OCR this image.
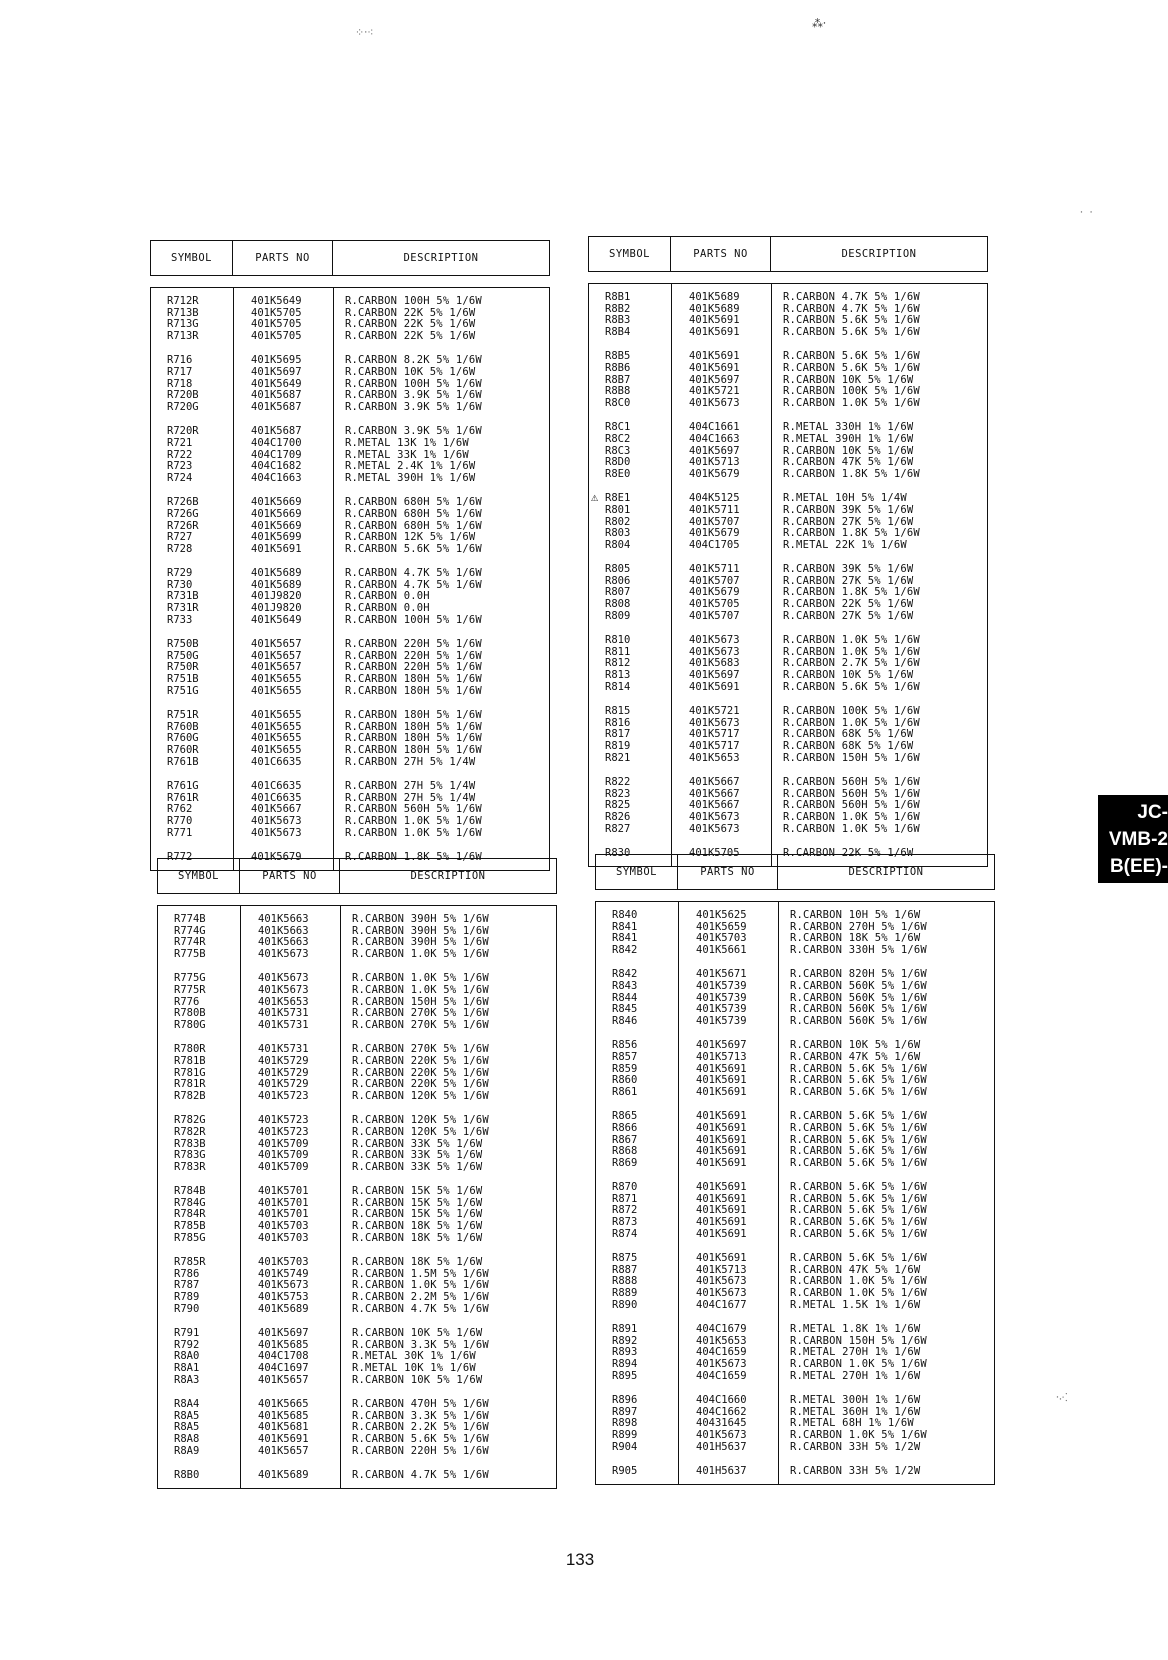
SYMBOL	PARTS NO	DESCRIPTION
R712R	401K5649	R.CARBON 100H 5% 1/6W
R713B	401K5705	R.CARBON 22K 5% 1/6W
R713G	401K5705	R.CARBON 22K 5% 1/6W
R713R	401K5705	R.CARBON 22K 5% 1/6W
R716	401K5695	R.CARBON 8.2K 5% 1/6W
R717	401K5697	R.CARBON 10K 5% 1/6W
R718	401K5649	R.CARBON 100H 5% 1/6W
R720B	401K5687	R.CARBON 3.9K 5% 1/6W
R720G	401K5687	R.CARBON 3.9K 5% 1/6W
R720R	401K5687	R.CARBON 3.9K 5% 1/6W
R721	404C1700	R.METAL 13K 1% 1/6W
R722	404C1709	R.METAL 33K 1% 1/6W
R723	404C1682	R.METAL 2.4K 1% 1/6W
R724	404C1663	R.METAL 390H 1% 1/6W
R726B	401K5669	R.CARBON 680H 5% 1/6W
R726G	401K5669	R.CARBON 680H 5% 1/6W
R726R	401K5669	R.CARBON 680H 5% 1/6W
R727	401K5699	R.CARBON 12K 5% 1/6W
R728	401K5691	R.CARBON 5.6K 5% 1/6W
R729	401K5689	R.CARBON 4.7K 5% 1/6W
R730	401K5689	R.CARBON 4.7K 5% 1/6W
R731B	401J9820	R.CARBON 0.0H
R731R	401J9820	R.CARBON 0.0H
R733	401K5649	R.CARBON 100H 5% 1/6W
R750B	401K5657	R.CARBON 220H 5% 1/6W
R750G	401K5657	R.CARBON 220H 5% 1/6W
R750R	401K5657	R.CARBON 220H 5% 1/6W
R751B	401K5655	R.CARBON 180H 5% 1/6W
R751G	401K5655	R.CARBON 180H 5% 1/6W
R751R	401K5655	R.CARBON 180H 5% 1/6W
R760B	401K5655	R.CARBON 180H 5% 1/6W
R760G	401K5655	R.CARBON 180H 5% 1/6W
R760R	401K5655	R.CARBON 180H 5% 1/6W
R761B	401C6635	R.CARBON 27H 5% 1/4W
R761G	401C6635	R.CARBON 27H 5% 1/4W
R761R	401C6635	R.CARBON 27H 5% 1/4W
R762	401K5667	R.CARBON 560H 5% 1/6W
R770	401K5673	R.CARBON 1.0K 5% 1/6W
R771	401K5673	R.CARBON 1.0K 5% 1/6W
R772	401K5679	R.CARBON 1.8K 5% 1/6W
SYMBOL	PARTS NO	DESCRIPTION
R8B1	401K5689	R.CARBON 4.7K 5% 1/6W
R8B2	401K5689	R.CARBON 4.7K 5% 1/6W
R8B3	401K5691	R.CARBON 5.6K 5% 1/6W
R8B4	401K5691	R.CARBON 5.6K 5% 1/6W
R8B5	401K5691	R.CARBON 5.6K 5% 1/6W
R8B6	401K5691	R.CARBON 5.6K 5% 1/6W
R8B7	401K5697	R.CARBON 10K 5% 1/6W
R8B8	401K5721	R.CARBON 100K 5% 1/6W
R8C0	401K5673	R.CARBON 1.0K 5% 1/6W
R8C1	404C1661	R.METAL 330H 1% 1/6W
R8C2	404C1663	R.METAL 390H 1% 1/6W
R8C3	401K5697	R.CARBON 10K 5% 1/6W
R8D0	401K5713	R.CARBON 47K 5% 1/6W
R8E0	401K5679	R.CARBON 1.8K 5% 1/6W
⚠ R8E1	404K5125	R.METAL 10H 5% 1/4W
R801	401K5711	R.CARBON 39K 5% 1/6W
R802	401K5707	R.CARBON 27K 5% 1/6W
R803	401K5679	R.CARBON 1.8K 5% 1/6W
R804	404C1705	R.METAL 22K 1% 1/6W
R805	401K5711	R.CARBON 39K 5% 1/6W
R806	401K5707	R.CARBON 27K 5% 1/6W
R807	401K5679	R.CARBON 1.8K 5% 1/6W
R808	401K5705	R.CARBON 22K 5% 1/6W
R809	401K5707	R.CARBON 27K 5% 1/6W
R810	401K5673	R.CARBON 1.0K 5% 1/6W
R811	401K5673	R.CARBON 1.0K 5% 1/6W
R812	401K5683	R.CARBON 2.7K 5% 1/6W
R813	401K5697	R.CARBON 10K 5% 1/6W
R814	401K5691	R.CARBON 5.6K 5% 1/6W
R815	401K5721	R.CARBON 100K 5% 1/6W
R816	401K5673	R.CARBON 1.0K 5% 1/6W
R817	401K5717	R.CARBON 68K 5% 1/6W
R819	401K5717	R.CARBON 68K 5% 1/6W
R821	401K5653	R.CARBON 150H 5% 1/6W
R822	401K5667	R.CARBON 560H 5% 1/6W
R823	401K5667	R.CARBON 560H 5% 1/6W
R825	401K5667	R.CARBON 560H 5% 1/6W
R826	401K5673	R.CARBON 1.0K 5% 1/6W
R827	401K5673	R.CARBON 1.0K 5% 1/6W
R830	401K5705	R.CARBON 22K 5% 1/6W
SYMBOL	PARTS NO	DESCRIPTION
R774B	401K5663	R.CARBON 390H 5% 1/6W
R774G	401K5663	R.CARBON 390H 5% 1/6W
R774R	401K5663	R.CARBON 390H 5% 1/6W
R775B	401K5673	R.CARBON 1.0K 5% 1/6W
R775G	401K5673	R.CARBON 1.0K 5% 1/6W
R775R	401K5673	R.CARBON 1.0K 5% 1/6W
R776	401K5653	R.CARBON 150H 5% 1/6W
R780B	401K5731	R.CARBON 270K 5% 1/6W
R780G	401K5731	R.CARBON 270K 5% 1/6W
R780R	401K5731	R.CARBON 270K 5% 1/6W
R781B	401K5729	R.CARBON 220K 5% 1/6W
R781G	401K5729	R.CARBON 220K 5% 1/6W
R781R	401K5729	R.CARBON 220K 5% 1/6W
R782B	401K5723	R.CARBON 120K 5% 1/6W
R782G	401K5723	R.CARBON 120K 5% 1/6W
R782R	401K5723	R.CARBON 120K 5% 1/6W
R783B	401K5709	R.CARBON 33K 5% 1/6W
R783G	401K5709	R.CARBON 33K 5% 1/6W
R783R	401K5709	R.CARBON 33K 5% 1/6W
R784B	401K5701	R.CARBON 15K 5% 1/6W
R784G	401K5701	R.CARBON 15K 5% 1/6W
R784R	401K5701	R.CARBON 15K 5% 1/6W
R785B	401K5703	R.CARBON 18K 5% 1/6W
R785G	401K5703	R.CARBON 18K 5% 1/6W
R785R	401K5703	R.CARBON 18K 5% 1/6W
R786	401K5749	R.CARBON 1.5M 5% 1/6W
R787	401K5673	R.CARBON 1.0K 5% 1/6W
R789	401K5753	R.CARBON 2.2M 5% 1/6W
R790	401K5689	R.CARBON 4.7K 5% 1/6W
R791	401K5697	R.CARBON 10K 5% 1/6W
R792	401K5685	R.CARBON 3.3K 5% 1/6W
R8A0	404C1708	R.METAL 30K 1% 1/6W
R8A1	404C1697	R.METAL 10K 1% 1/6W
R8A3	401K5657	R.CARBON 10K 5% 1/6W
R8A4	401K5665	R.CARBON 470H 5% 1/6W
R8A5	401K5685	R.CARBON 3.3K 5% 1/6W
R8A5	401K5681	R.CARBON 2.2K 5% 1/6W
R8A8	401K5691	R.CARBON 5.6K 5% 1/6W
R8A9	401K5657	R.CARBON 220H 5% 1/6W
R8B0	401K5689	R.CARBON 4.7K 5% 1/6W
SYMBOL	PARTS NO	DESCRIPTION
R840	401K5625	R.CARBON 10H 5% 1/6W
R841	401K5659	R.CARBON 270H 5% 1/6W
R841	401K5703	R.CARBON 18K 5% 1/6W
R842	401K5661	R.CARBON 330H 5% 1/6W
R842	401K5671	R.CARBON 820H 5% 1/6W
R843	401K5739	R.CARBON 560K 5% 1/6W
R844	401K5739	R.CARBON 560K 5% 1/6W
R845	401K5739	R.CARBON 560K 5% 1/6W
R846	401K5739	R.CARBON 560K 5% 1/6W
R856	401K5697	R.CARBON 10K 5% 1/6W
R857	401K5713	R.CARBON 47K 5% 1/6W
R859	401K5691	R.CARBON 5.6K 5% 1/6W
R860	401K5691	R.CARBON 5.6K 5% 1/6W
R861	401K5691	R.CARBON 5.6K 5% 1/6W
R865	401K5691	R.CARBON 5.6K 5% 1/6W
R866	401K5691	R.CARBON 5.6K 5% 1/6W
R867	401K5691	R.CARBON 5.6K 5% 1/6W
R868	401K5691	R.CARBON 5.6K 5% 1/6W
R869	401K5691	R.CARBON 5.6K 5% 1/6W
R870	401K5691	R.CARBON 5.6K 5% 1/6W
R871	401K5691	R.CARBON 5.6K 5% 1/6W
R872	401K5691	R.CARBON 5.6K 5% 1/6W
R873	401K5691	R.CARBON 5.6K 5% 1/6W
R874	401K5691	R.CARBON 5.6K 5% 1/6W
R875	401K5691	R.CARBON 5.6K 5% 1/6W
R887	401K5713	R.CARBON 47K 5% 1/6W
R888	401K5673	R.CARBON 1.0K 5% 1/6W
R889	401K5673	R.CARBON 1.0K 5% 1/6W
R890	404C1677	R.METAL 1.5K 1% 1/6W
R891	404C1679	R.METAL 1.8K 1% 1/6W
R892	401K5653	R.CARBON 150H 5% 1/6W
R893	404C1659	R.METAL 270H 1% 1/6W
R894	401K5673	R.CARBON 1.0K 5% 1/6W
R895	404C1659	R.METAL 270H 1% 1/6W
R896	404C1660	R.METAL 300H 1% 1/6W
R897	404C1662	R.METAL 360H 1% 1/6W
R898	40431645	R.METAL 68H 1% 1/6W
R899	401K5673	R.CARBON 1.0K 5% 1/6W
R904	401H5637	R.CARBON 33H 5% 1/2W
R905	401H5637	R.CARBON 33H 5% 1/2W
133
JC-
VMB-2
B(EE)-
⁘⸱⁖
⁂⸱
⸱⸳⁖
⸱ ⸱
